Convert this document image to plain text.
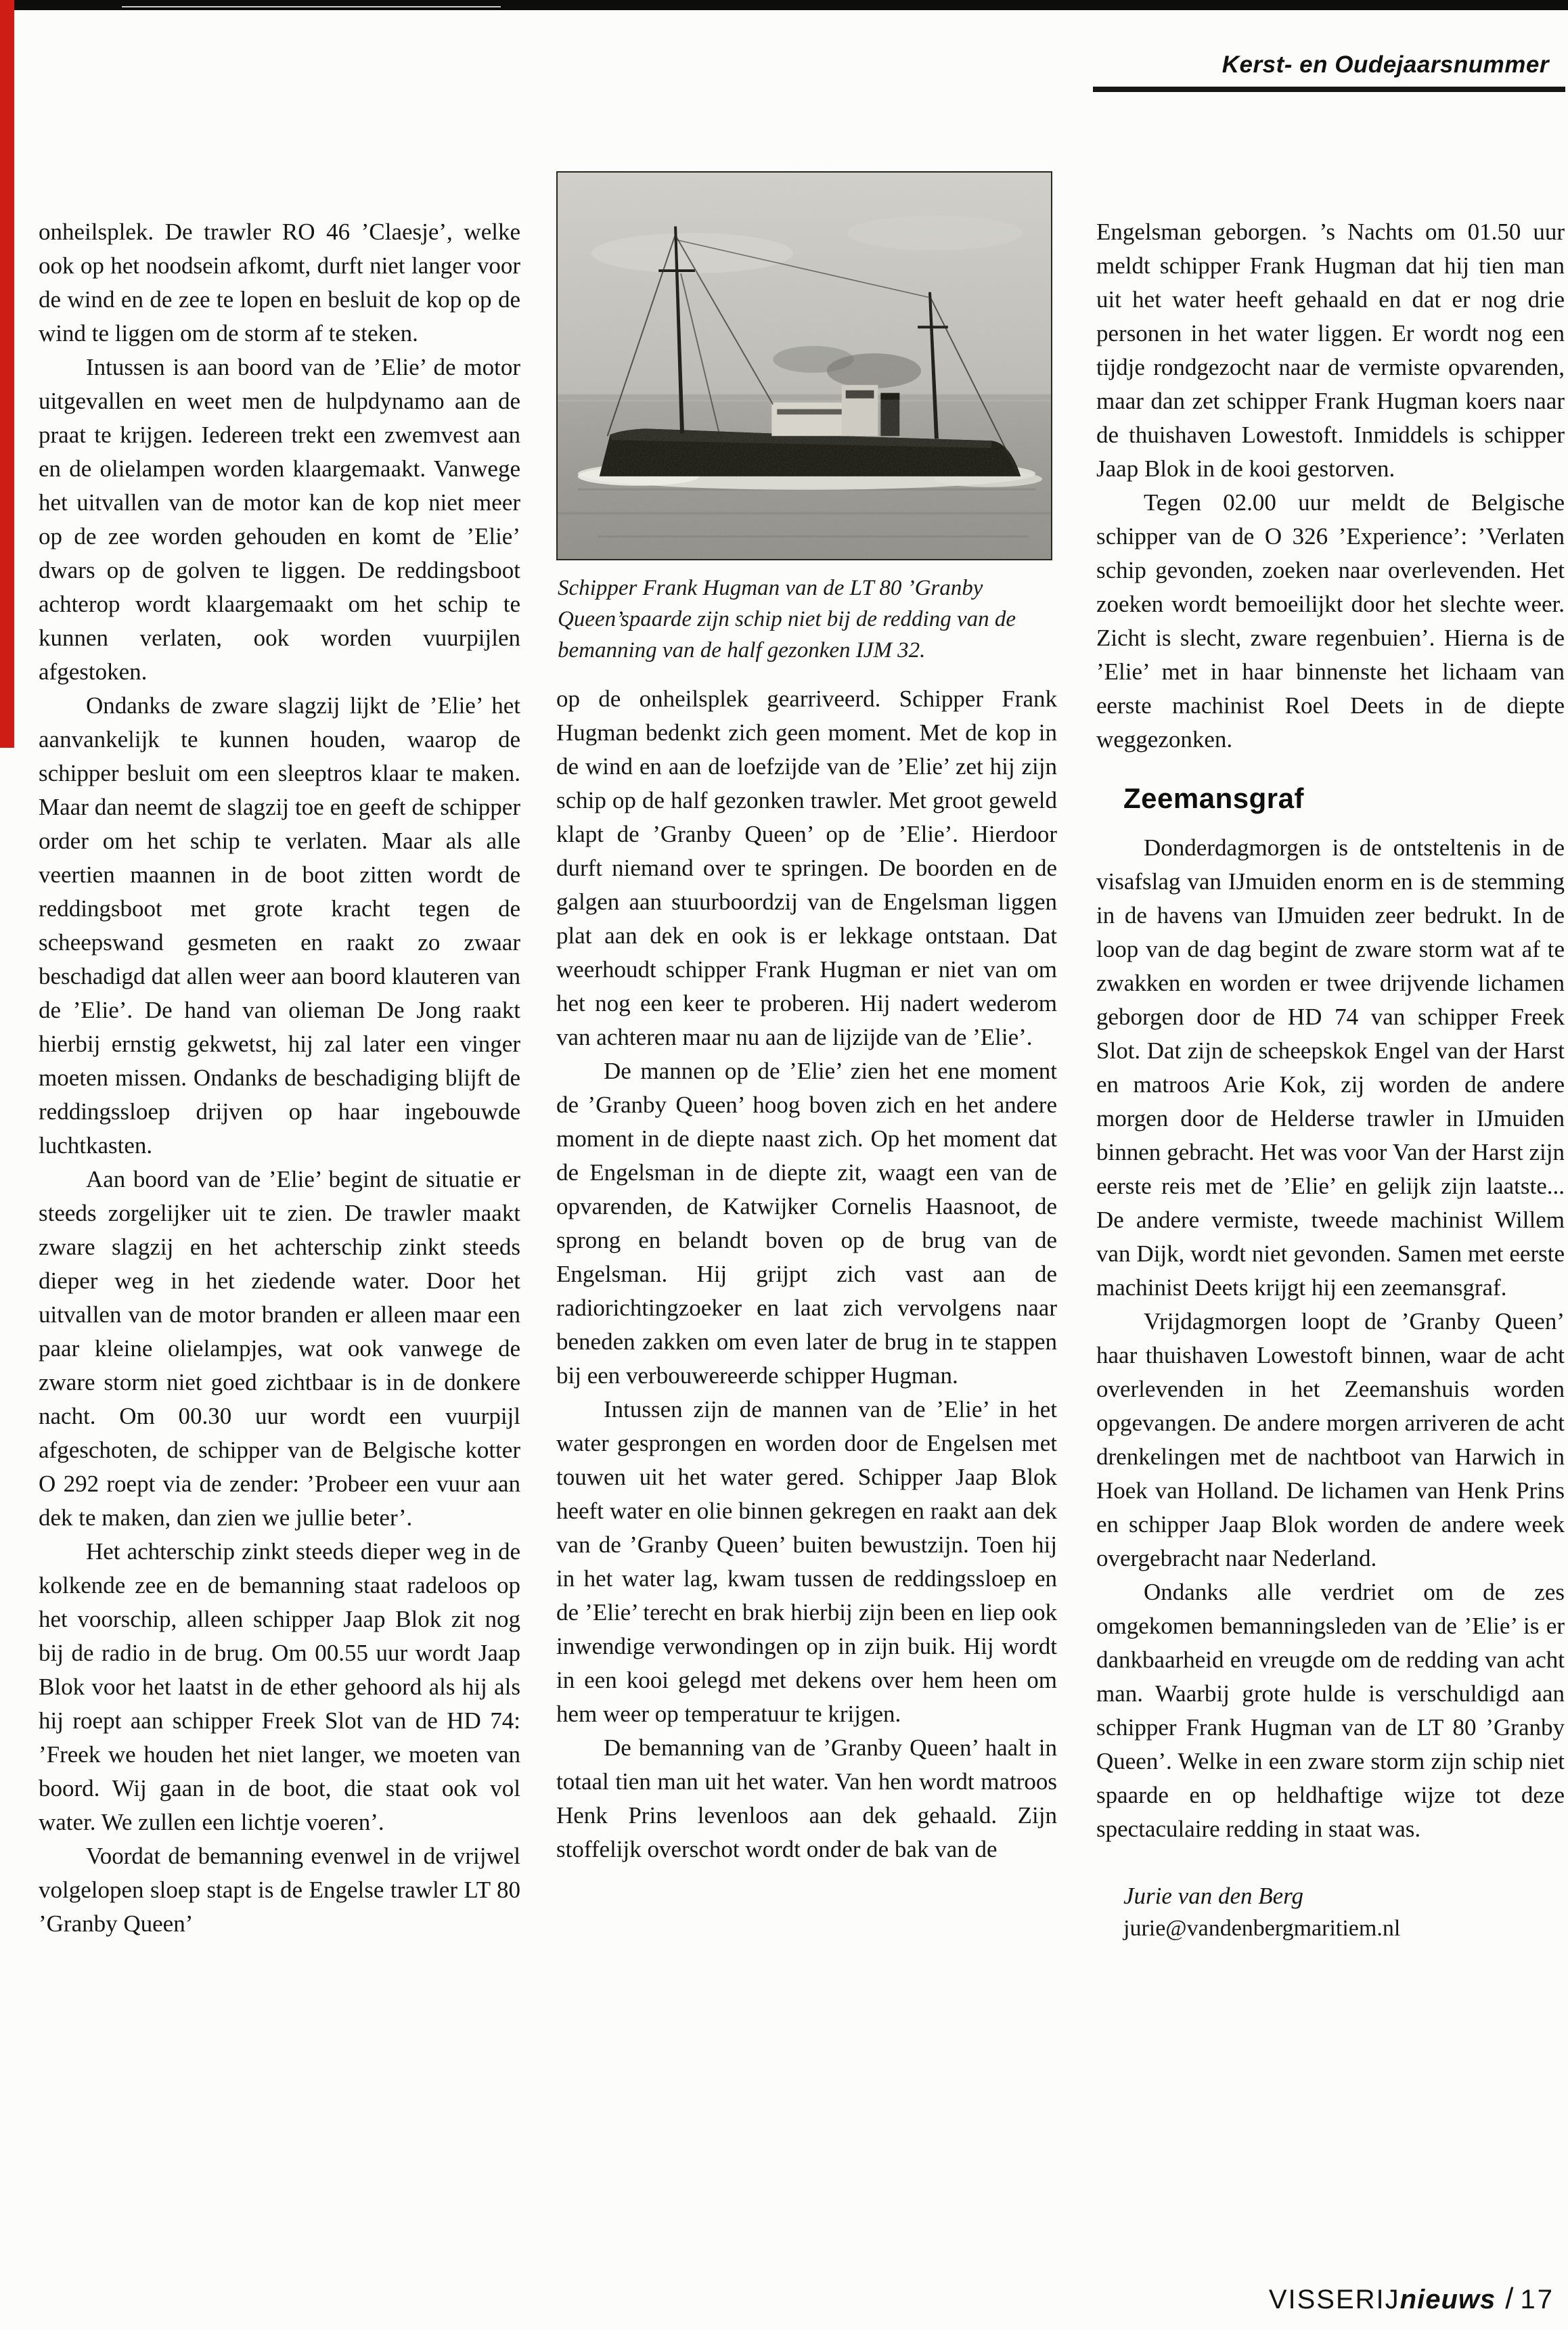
Kerst- en Oudejaarsnummer
Schipper Frank Hugman van de LT 80 ’Granby Queen’spaarde zijn schip niet bij de redding van de bemanning van de half gezonken IJM 32.

onheilsplek. De trawler RO 46 ’Claesje’, welke ook op het noodsein afkomt, durft niet langer voor de wind en de zee te lopen en besluit de kop op de wind te liggen om de storm af te steken.

Intussen is aan boord van de ’Elie’ de motor uitgevallen en weet men de hulpdynamo aan de praat te krijgen. Iedereen trekt een zwemvest aan en de olielampen worden klaargemaakt. Vanwege het uitvallen van de motor kan de kop niet meer op de zee worden gehouden en komt de ’Elie’ dwars op de golven te liggen. De reddingsboot achterop wordt klaargemaakt om het schip te kunnen verlaten, ook worden vuurpijlen afgestoken.

Ondanks de zware slagzij lijkt de ’Elie’ het aanvankelijk te kunnen houden, waarop de schipper besluit om een sleeptros klaar te maken. Maar dan neemt de slagzij toe en geeft de schipper order om het schip te verlaten. Maar als alle veertien maannen in de boot zitten wordt de reddingsboot met grote kracht tegen de scheepswand gesmeten en raakt zo zwaar beschadigd dat allen weer aan boord klauteren van de ’Elie’. De hand van olieman De Jong raakt hierbij ernstig gekwetst, hij zal later een vinger moeten missen. Ondanks de beschadiging blijft de reddingssloep drijven op haar ingebouwde luchtkasten.

Aan boord van de ’Elie’ begint de situatie er steeds zorgelijker uit te zien. De trawler maakt zware slagzij en het achterschip zinkt steeds dieper weg in het ziedende water. Door het uitvallen van de motor branden er alleen maar een paar kleine olielampjes, wat ook vanwege de zware storm niet goed zichtbaar is in de donkere nacht. Om 00.30 uur wordt een vuurpijl afgeschoten, de schipper van de Belgische kotter O 292 roept via de zender: ’Probeer een vuur aan dek te maken, dan zien we jullie beter’.

Het achterschip zinkt steeds dieper weg in de kolkende zee en de bemanning staat radeloos op het voorschip, alleen schipper Jaap Blok zit nog bij de radio in de brug. Om 00.55 uur wordt Jaap Blok voor het laatst in de ether gehoord als hij als hij roept aan schipper Freek Slot van de HD 74: ’Freek we houden het niet langer, we moeten van boord. Wij gaan in de boot, die staat ook vol water. We zullen een lichtje voeren’.

Voordat de bemanning evenwel in de vrijwel volgelopen sloep stapt is de Engelse trawler LT 80 ’Granby Queen’

op de onheilsplek gearriveerd. Schipper Frank Hugman bedenkt zich geen moment. Met de kop in de wind en aan de loefzijde van de ’Elie’ zet hij zijn schip op de half gezonken trawler. Met groot geweld klapt de ’Granby Queen’ op de ’Elie’. Hierdoor durft niemand over te springen. De boorden en de galgen aan stuurboordzij van de Engelsman liggen plat aan dek en ook is er lekkage ontstaan. Dat weerhoudt schipper Frank Hugman er niet van om het nog een keer te proberen. Hij nadert wederom van achteren maar nu aan de lijzijde van de ’Elie’.

De mannen op de ’Elie’ zien het ene moment de ’Granby Queen’ hoog boven zich en het andere moment in de diepte naast zich. Op het moment dat de Engelsman in de diepte zit, waagt een van de opvarenden, de Katwijker Cornelis Haasnoot, de sprong en belandt boven op de brug van de Engelsman. Hij grijpt zich vast aan de radiorichtingzoeker en laat zich vervolgens naar beneden zakken om even later de brug in te stappen bij een verbouwereerde schipper Hugman.

Intussen zijn de mannen van de ’Elie’ in het water gesprongen en worden door de Engelsen met touwen uit het water gered. Schipper Jaap Blok heeft water en olie binnen gekregen en raakt aan dek van de ’Granby Queen’ buiten bewustzijn. Toen hij in het water lag, kwam tussen de reddingssloep en de ’Elie’ terecht en brak hierbij zijn been en liep ook inwendige verwondingen op in zijn buik. Hij wordt in een kooi gelegd met dekens over hem heen om hem weer op temperatuur te krijgen.

De bemanning van de ’Granby Queen’ haalt in totaal tien man uit het water. Van hen wordt matroos Henk Prins levenloos aan dek gehaald. Zijn stoffelijk overschot wordt onder de bak van de

Engelsman geborgen. ’s Nachts om 01.50 uur meldt schipper Frank Hugman dat hij tien man uit het water heeft gehaald en dat er nog drie personen in het water liggen. Er wordt nog een tijdje rondgezocht naar de vermiste opvarenden, maar dan zet schipper Frank Hugman koers naar de thuishaven Lowestoft. Inmiddels is schipper Jaap Blok in de kooi gestorven.

Tegen 02.00 uur meldt de Belgische schipper van de O 326 ’Experience’: ’Verlaten schip gevonden, zoeken naar overlevenden. Het zoeken wordt bemoeilijkt door het slechte weer. Zicht is slecht, zware regenbuien’. Hierna is de ’Elie’ met in haar binnenste het lichaam van eerste machinist Roel Deets in de diepte weggezonken.

Zeemansgraf

Donderdagmorgen is de ontsteltenis in de visafslag van IJmuiden enorm en is de stemming in de havens van IJmuiden zeer bedrukt. In de loop van de dag begint de zware storm wat af te zwakken en worden er twee drijvende lichamen geborgen door de HD 74 van schipper Freek Slot. Dat zijn de scheepskok Engel van der Harst en matroos Arie Kok, zij worden de andere morgen door de Helderse trawler in IJmuiden binnen gebracht. Het was voor Van der Harst zijn eerste reis met de ’Elie’ en gelijk zijn laatste... De andere vermiste, tweede machinist Willem van Dijk, wordt niet gevonden. Samen met eerste machinist Deets krijgt hij een zeemansgraf.

Vrijdagmorgen loopt de ’Granby Queen’ haar thuishaven Lowestoft binnen, waar de acht overlevenden in het Zeemanshuis worden opgevangen. De andere morgen arriveren de acht drenkelingen met de nachtboot van Harwich in Hoek van Holland. De lichamen van Henk Prins en schipper Jaap Blok worden de andere week overgebracht naar Nederland.

Ondanks alle verdriet om de zes omgekomen bemanningsleden van de ’Elie’ is er dankbaarheid en vreugde om de redding van acht man. Waarbij grote hulde is verschuldigd aan schipper Frank Hugman van de LT 80 ’Granby Queen’. Welke in een zware storm zijn schip niet spaarde en op heldhaftige wijze tot deze spectaculaire redding in staat was.

Jurie van den Berg
jurie@vandenbergmaritiem.nl
VISSERIJnieuws / 17
